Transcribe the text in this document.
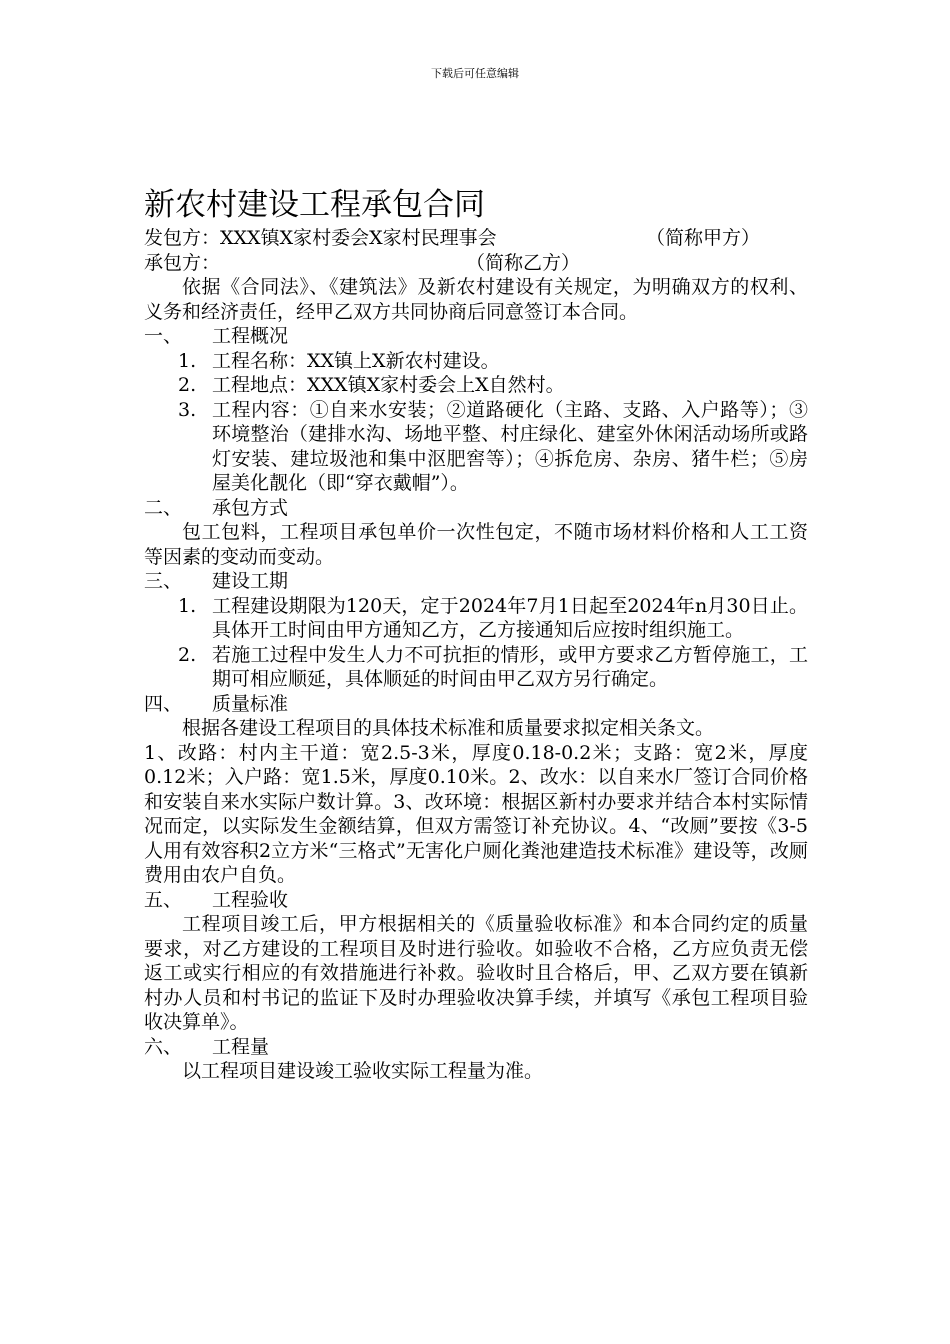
下载后可任意编辑
新农村建设工程承包合同
发包方：XXX镇X家村委会X家村民理事会	（简称甲方）
承包方：	（简称乙方）

依据《合同法》、《建筑法》及新农村建设有关规定，为明确双方的权利、义务和经济责任，经甲乙双方共同协商后同意签订本合同。

一、 工程概况
1. 工程名称：XX镇上X新农村建设。
2. 工程地点：XXX镇X家村委会上X自然村。
3. 工程内容：①自来水安装；②道路硬化（主路、支路、入户路等）；③环境整治（建排水沟、场地平整、村庄绿化、建室外休闲活动场所或路灯安装、建垃圾池和集中沤肥窖等）；④拆危房、杂房、猪牛栏；⑤房屋美化靓化（即“穿衣戴帽”）。
二、 承包方式

包工包料，工程项目承包单价一次性包定，不随市场材料价格和人工工资等因素的变动而变动。

三、 建设工期
1. 工程建设期限为120天，定于2024年7月1日起至2024年n月30日止。具体开工时间由甲方通知乙方，乙方接通知后应按时组织施工。
2. 若施工过程中发生人力不可抗拒的情形，或甲方要求乙方暂停施工，工期可相应顺延，具体顺延的时间由甲乙双方另行确定。
四、 质量标准

根据各建设工程项目的具体技术标准和质量要求拟定相关条文。

1、改路：村内主干道：宽2.5-3米，厚度0.18-0.2米；支路：宽2米，厚度0.12米；入户路：宽1.5米，厚度0.10米。2、改水：以自来水厂签订合同价格和安装自来水实际户数计算。3、改环境：根据区新村办要求并结合本村实际情况而定，以实际发生金额结算，但双方需签订补充协议。4、“改厕”要按《3-5人用有效容积2立方米“三格式”无害化户厕化粪池建造技术标准》建设等，改厕费用由农户自负。

五、 工程验收

工程项目竣工后，甲方根据相关的《质量验收标准》和本合同约定的质量要求，对乙方建设的工程项目及时进行验收。如验收不合格，乙方应负责无偿返工或实行相应的有效措施进行补救。验收时且合格后，甲、乙双方要在镇新村办人员和村书记的监证下及时办理验收决算手续，并填写《承包工程项目验收决算单》。

六、 工程量

以工程项目建设竣工验收实际工程量为准。
